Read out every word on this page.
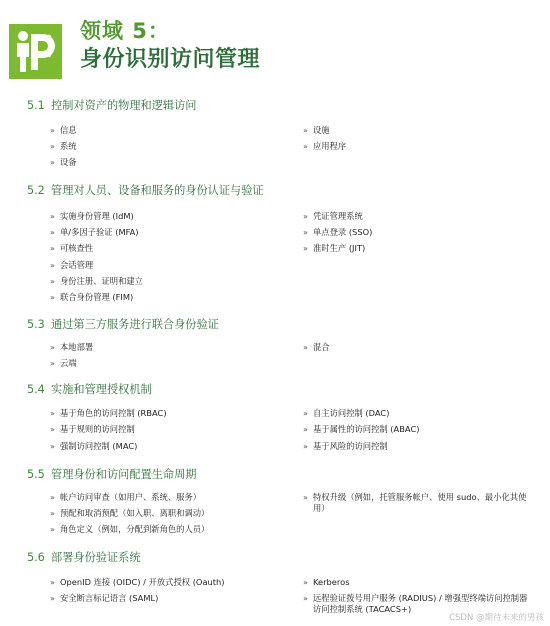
领域 5：
身份识别访问管理
5.1 控制对资产的物理和逻辑访问
» 信息
» 系统
» 设备
» 设施
» 应用程序
5.2 管理对人员、设备和服务的身份认证与验证
» 实施身份管理 (IdM)
» 单/多因子验证 (MFA)
» 可核查性
» 会话管理
» 身份注册、证明和建立
» 联合身份管理 (FIM)
» 凭证管理系统
» 单点登录 (SSO)
» 准时生产 (JIT)
5.3 通过第三方服务进行联合身份验证
» 本地部署
» 云端
» 混合
5.4 实施和管理授权机制
» 基于角色的访问控制 (RBAC)
» 基于规则的访问控制
» 强制访问控制 (MAC)
» 自主访问控制 (DAC)
» 基于属性的访问控制 (ABAC)
» 基于风险的访问控制
5.5 管理身份和访问配置生命周期
» 帐户访问审查（如用户、系统、服务）
» 预配和取消预配（如入职、离职和调动）
» 角色定义（例如，分配到新角色的人员）
» 特权升级（例如，托管服务帐户、使用 sudo、最小化其使用）
5.6 部署身份验证系统
» OpenID 连接 (OIDC) / 开放式授权 (Oauth)
» 安全断言标记语言 (SAML)
» Kerberos
» 远程验证拨号用户服务 (RADIUS) / 增强型终端访问控制器访问控制系统 (TACACS+)
CSDN @期待未来的男孩
